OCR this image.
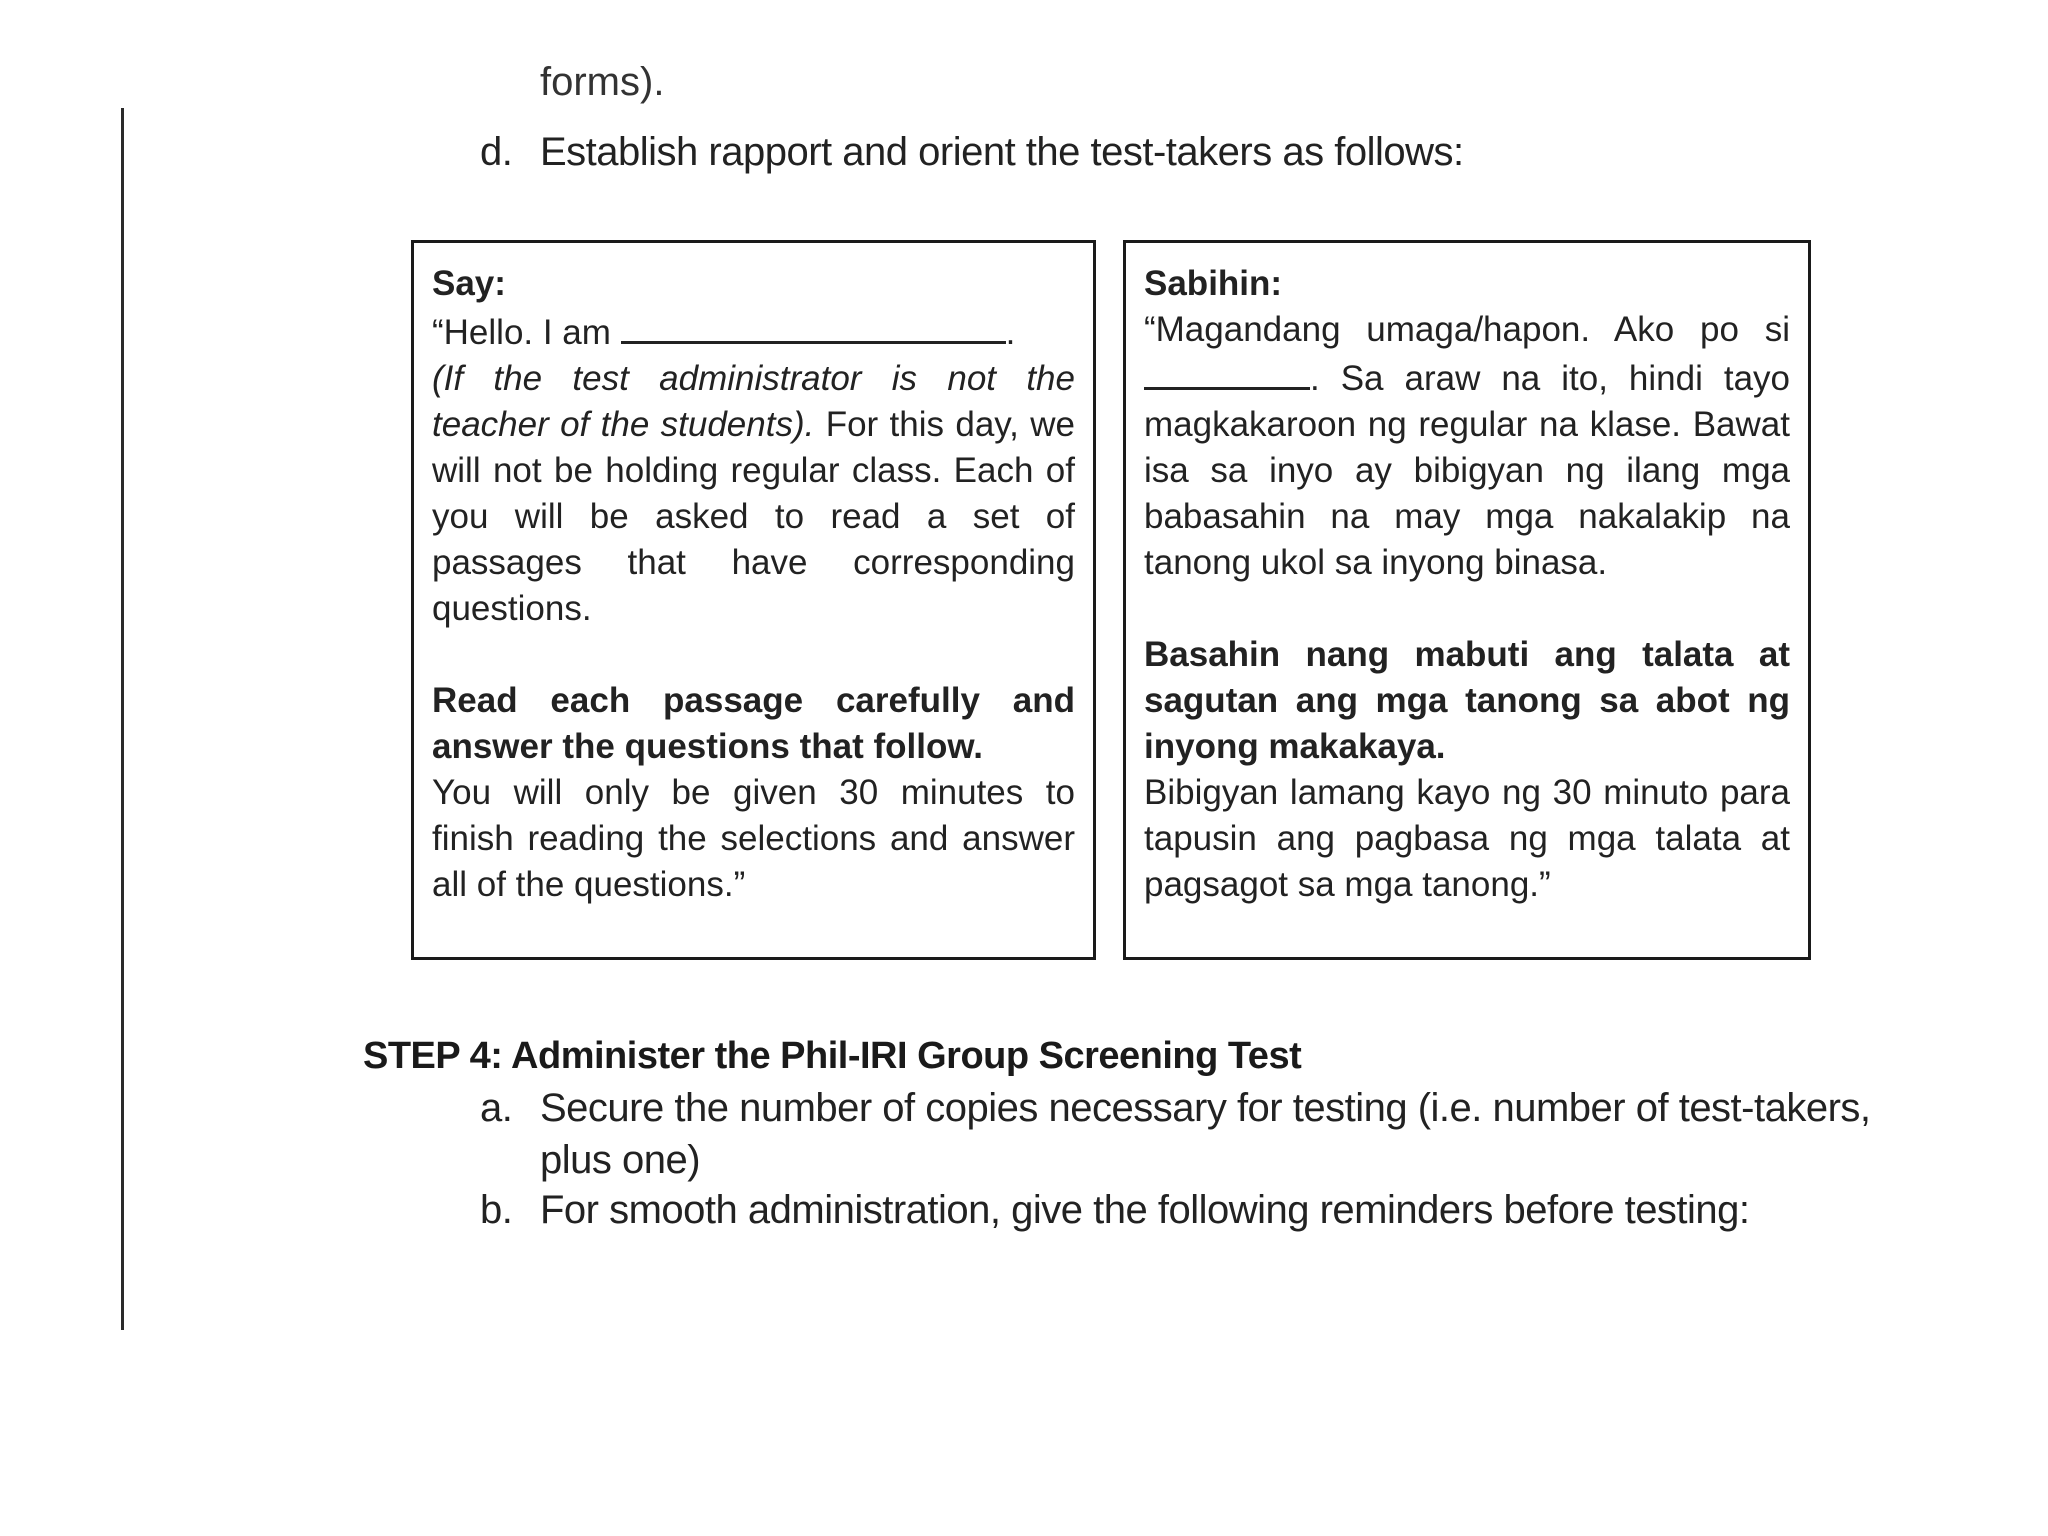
forms).
d. Establish rapport and orient the test-takers as follows:

Say:

“Hello. I am	.

(If the test administrator is not the teacher of the students). For this day, we will not be holding regular class. Each of you will be asked to read a set of passages that have corresponding questions.

Read each passage carefully and answer the questions that follow.

You will only be given 30 minutes to finish reading the selections and answer all of the questions.”

Sabihin:

“Magandang umaga/hapon. Ako po si . Sa araw na ito, hindi tayo magkakaroon ng regular na klase. Bawat isa sa inyo ay bibigyan ng ilang mga babasahin na may mga nakalakip na tanong ukol sa inyong binasa.

Basahin nang mabuti ang talata at sagutan ang mga tanong sa abot ng inyong makakaya.

Bibigyan lamang kayo ng 30 minuto para tapusin ang pagbasa ng mga talata at pagsagot sa mga tanong.”

STEP 4: Administer the Phil-IRI Group Screening Test
a. Secure the number of copies necessary for testing (i.e. number of test-takers,
plus one)
b. For smooth administration, give the following reminders before testing:
